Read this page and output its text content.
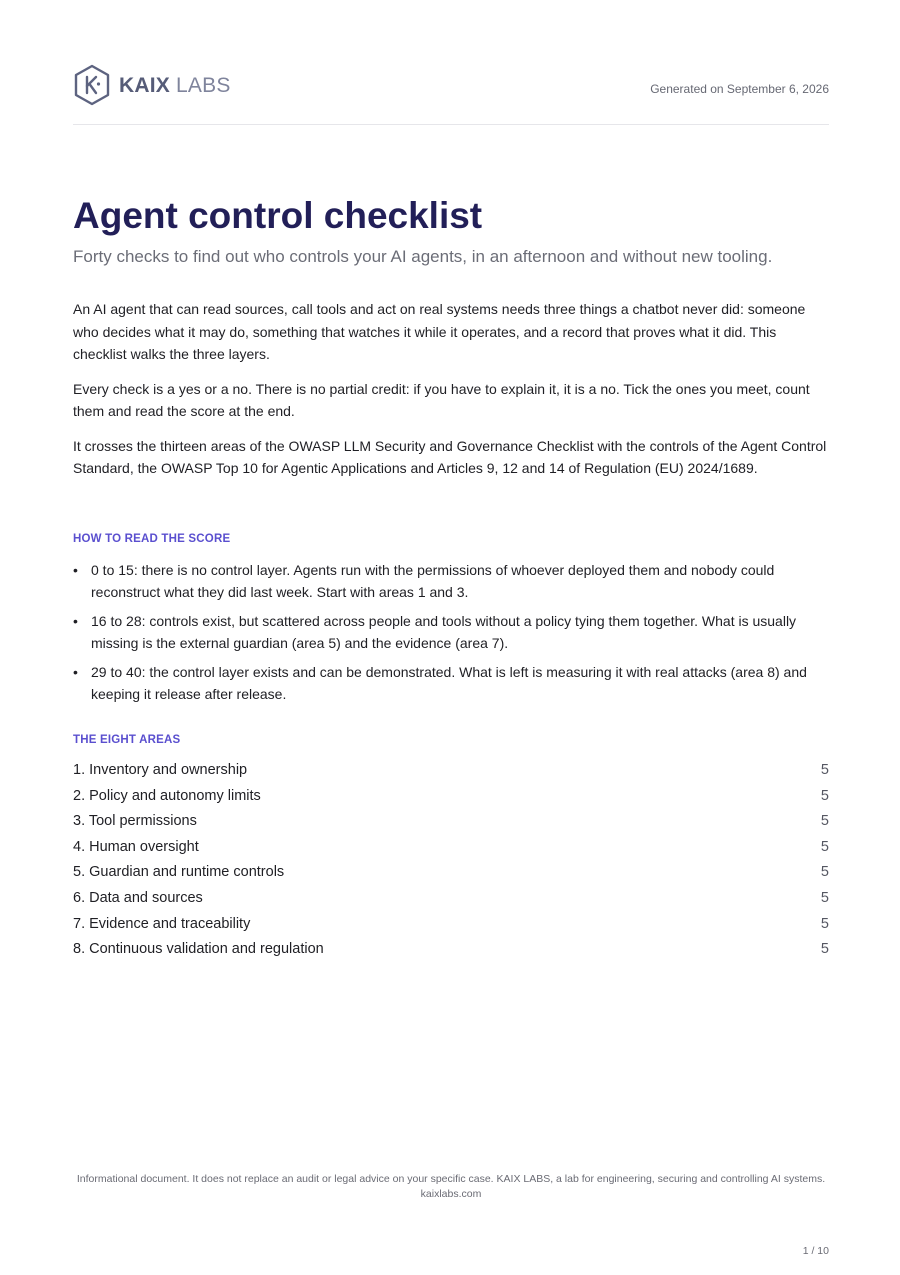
KAIX LABS	Generated on September 6, 2026
Agent control checklist

Forty checks to find out who controls your AI agents, in an afternoon and without new tooling.

An AI agent that can read sources, call tools and act on real systems needs three things a chatbot never did: someone who decides what it may do, something that watches it while it operates, and a record that proves what it did. This checklist walks the three layers.

Every check is a yes or a no. There is no partial credit: if you have to explain it, it is a no. Tick the ones you meet, count them and read the score at the end.

It crosses the thirteen areas of the OWASP LLM Security and Governance Checklist with the controls of the Agent Control Standard, the OWASP Top 10 for Agentic Applications and Articles 9, 12 and 14 of Regulation (EU) 2024/1689.

HOW TO READ THE SCORE
• 0 to 15: there is no control layer. Agents run with the permissions of whoever deployed them and nobody could reconstruct what they did last week. Start with areas 1 and 3.
• 16 to 28: controls exist, but scattered across people and tools without a policy tying them together. What is usually missing is the external guardian (area 5) and the evidence (area 7).
• 29 to 40: the control layer exists and can be demonstrated. What is left is measuring it with real attacks (area 8) and keeping it release after release.
THE EIGHT AREAS
1. Inventory and ownership	5
2. Policy and autonomy limits	5
3. Tool permissions	5
4. Human oversight	5
5. Guardian and runtime controls	5
6. Data and sources	5
7. Evidence and traceability	5
8. Continuous validation and regulation	5
Informational document. It does not replace an audit or legal advice on your specific case. KAIX LABS, a lab for engineering, securing and controlling AI systems. kaixlabs.com
1 / 10
